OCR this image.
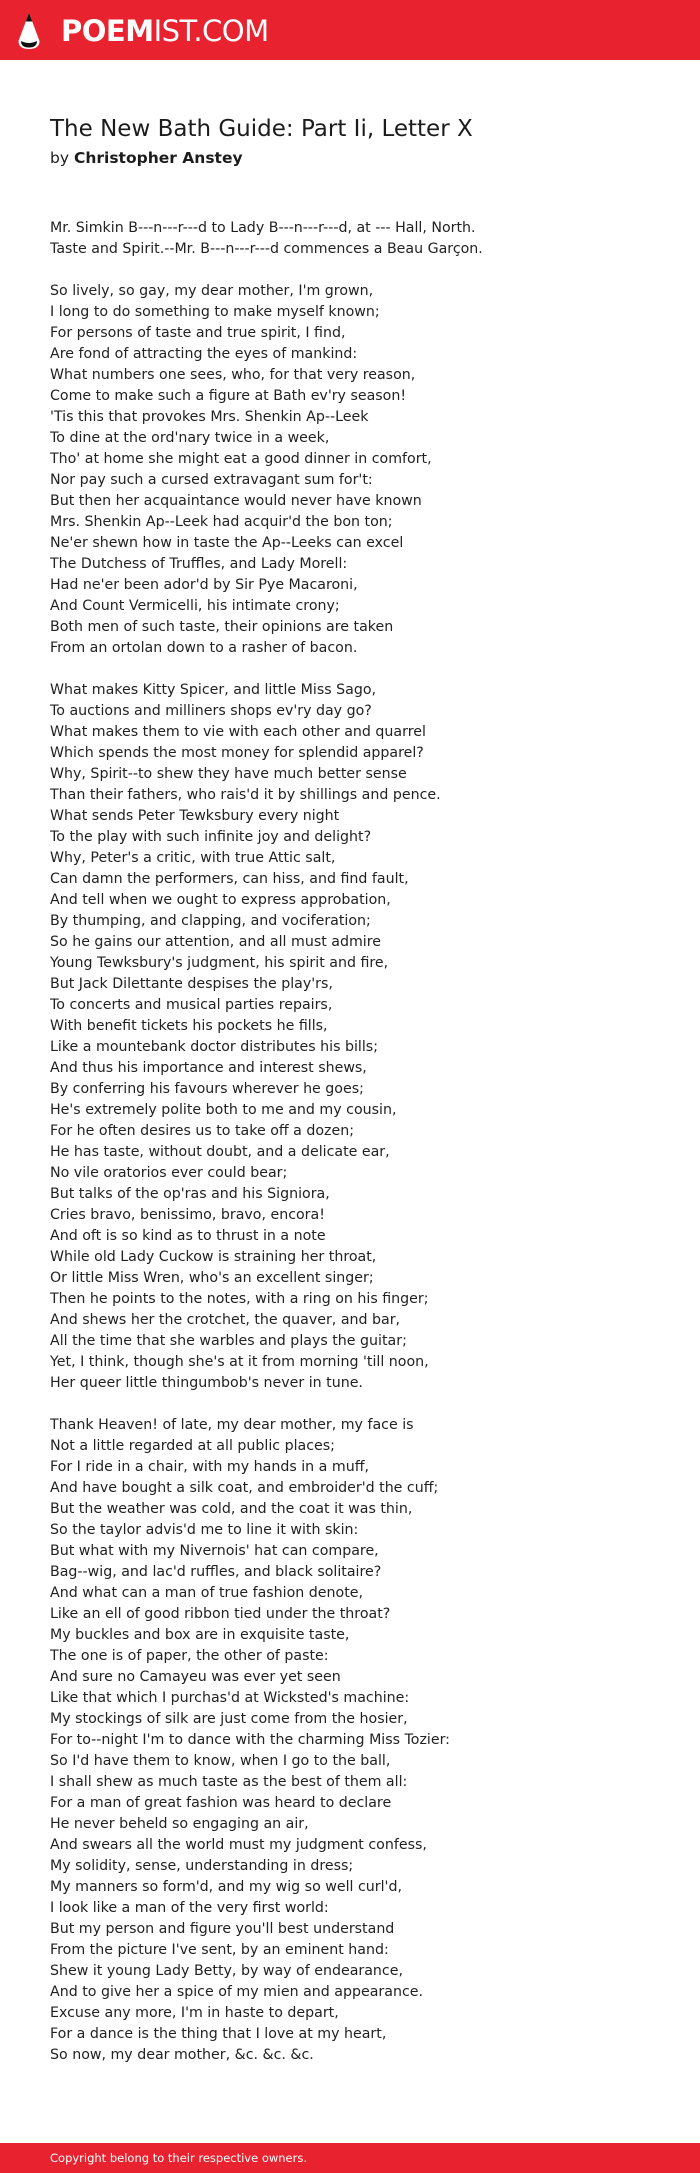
POEMIST.COM
The New Bath Guide: Part Ii, Letter X
by Christopher Anstey
Mr. Simkin B---n---r---d to Lady B---n---r---d, at --- Hall, North.
Taste and Spirit.--Mr. B---n---r---d commences a Beau Garçon.
So lively, so gay, my dear mother, I'm grown,
I long to do something to make myself known;
For persons of taste and true spirit, I find,
Are fond of attracting the eyes of mankind:
What numbers one sees, who, for that very reason,
Come to make such a figure at Bath ev'ry season!
'Tis this that provokes Mrs. Shenkin Ap--Leek
To dine at the ord'nary twice in a week,
Tho' at home she might eat a good dinner in comfort,
Nor pay such a cursed extravagant sum for't:
But then her acquaintance would never have known
Mrs. Shenkin Ap--Leek had acquir'd the bon ton;
Ne'er shewn how in taste the Ap--Leeks can excel
The Dutchess of Truffles, and Lady Morell:
Had ne'er been ador'd by Sir Pye Macaroni,
And Count Vermicelli, his intimate crony;
Both men of such taste, their opinions are taken
From an ortolan down to a rasher of bacon.
What makes Kitty Spicer, and little Miss Sago,
To auctions and milliners shops ev'ry day go?
What makes them to vie with each other and quarrel
Which spends the most money for splendid apparel?
Why, Spirit--to shew they have much better sense
Than their fathers, who rais'd it by shillings and pence.
What sends Peter Tewksbury every night
To the play with such infinite joy and delight?
Why, Peter's a critic, with true Attic salt,
Can damn the performers, can hiss, and find fault,
And tell when we ought to express approbation,
By thumping, and clapping, and vociferation;
So he gains our attention, and all must admire
Young Tewksbury's judgment, his spirit and fire,
But Jack Dilettante despises the play'rs,
To concerts and musical parties repairs,
With benefit tickets his pockets he fills,
Like a mountebank doctor distributes his bills;
And thus his importance and interest shews,
By conferring his favours wherever he goes;
He's extremely polite both to me and my cousin,
For he often desires us to take off a dozen;
He has taste, without doubt, and a delicate ear,
No vile oratorios ever could bear;
But talks of the op'ras and his Signiora,
Cries bravo, benissimo, bravo, encora!
And oft is so kind as to thrust in a note
While old Lady Cuckow is straining her throat,
Or little Miss Wren, who's an excellent singer;
Then he points to the notes, with a ring on his finger;
And shews her the crotchet, the quaver, and bar,
All the time that she warbles and plays the guitar;
Yet, I think, though she's at it from morning 'till noon,
Her queer little thingumbob's never in tune.
Thank Heaven! of late, my dear mother, my face is
Not a little regarded at all public places;
For I ride in a chair, with my hands in a muff,
And have bought a silk coat, and embroider'd the cuff;
But the weather was cold, and the coat it was thin,
So the taylor advis'd me to line it with skin:
But what with my Nivernois' hat can compare,
Bag--wig, and lac'd ruffles, and black solitaire?
And what can a man of true fashion denote,
Like an ell of good ribbon tied under the throat?
My buckles and box are in exquisite taste,
The one is of paper, the other of paste:
And sure no Camayeu was ever yet seen
Like that which I purchas'd at Wicksted's machine:
My stockings of silk are just come from the hosier,
For to--night I'm to dance with the charming Miss Tozier:
So I'd have them to know, when I go to the ball,
I shall shew as much taste as the best of them all:
For a man of great fashion was heard to declare
He never beheld so engaging an air,
And swears all the world must my judgment confess,
My solidity, sense, understanding in dress;
My manners so form'd, and my wig so well curl'd,
I look like a man of the very first world:
But my person and figure you'll best understand
From the picture I've sent, by an eminent hand:
Shew it young Lady Betty, by way of endearance,
And to give her a spice of my mien and appearance.
Excuse any more, I'm in haste to depart,
For a dance is the thing that I love at my heart,
So now, my dear mother, &c. &c. &c.
Copyright belong to their respective owners.
